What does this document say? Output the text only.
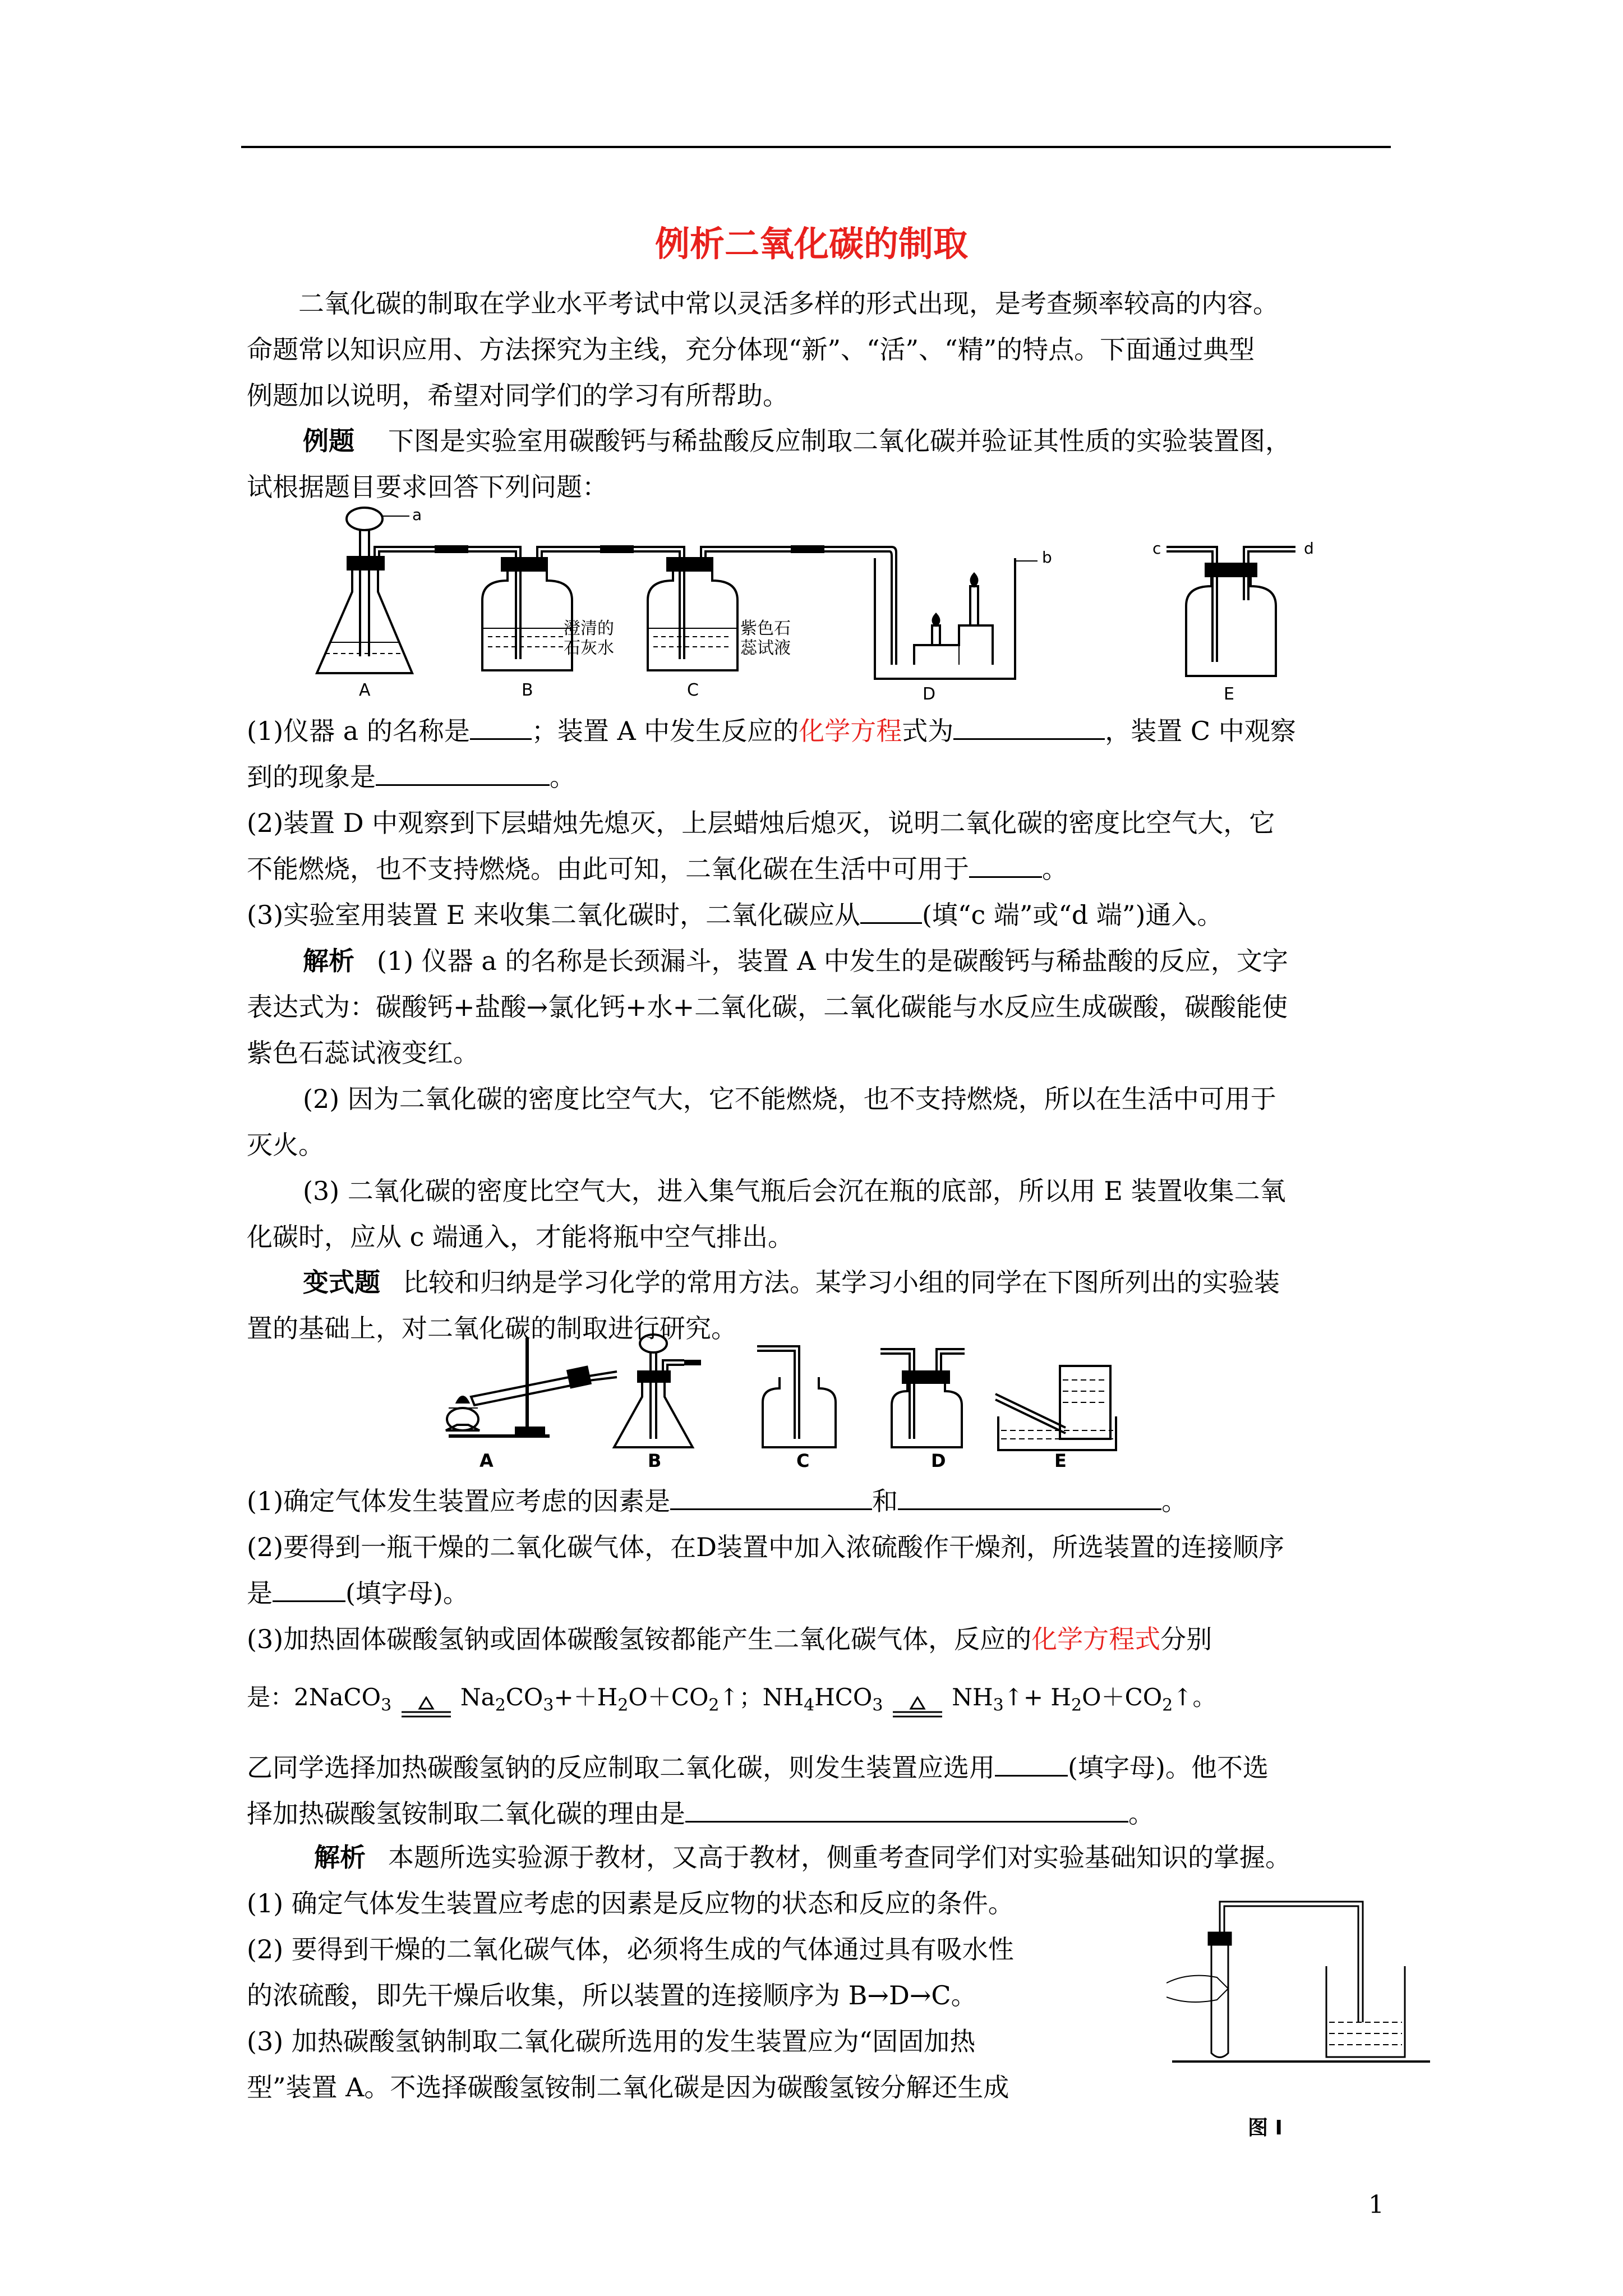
例析二氧化碳的制取
二氧化碳的制取在学业水平考试中常以灵活多样的形式出现，是考查频率较高的内容。
命题常以知识应用、方法探究为主线，充分体现“新”、“活”、“精”的特点。下面通过典型
例题加以说明，希望对同学们的学习有所帮助。
例题 下图是实验室用碳酸钙与稀盐酸反应制取二氧化碳并验证其性质的实验装置图，
试根据题目要求回答下列问题：
a
A
澄清的
石灰水
B
紫色石
蕊试液
C
b
D
c	d
E
(1)仪器 a 的名称是 ；装置 A 中发生反应的化学方程式为	，装置 C 中观察
到的现象是	。
(2)装置 D 中观察到下层蜡烛先熄灭，上层蜡烛后熄灭，说明二氧化碳的密度比空气大，它
不能燃烧，也不支持燃烧。由此可知，二氧化碳在生活中可用于	。
(3)实验室用装置 E 来收集二氧化碳时，二氧化碳应从 (填“c 端”或“d 端”)通入。
解析 (1) 仪器 a 的名称是长颈漏斗，装置 A 中发生的是碳酸钙与稀盐酸的反应，文字
表达式为：碳酸钙+盐酸→氯化钙+水+二氧化碳，二氧化碳能与水反应生成碳酸，碳酸能使
紫色石蕊试液变红。
(2) 因为二氧化碳的密度比空气大，它不能燃烧，也不支持燃烧，所以在生活中可用于
灭火。
(3) 二氧化碳的密度比空气大，进入集气瓶后会沉在瓶的底部，所以用 E 装置收集二氧
化碳时，应从 c 端通入，才能将瓶中空气排出。
变式题 比较和归纳是学习化学的常用方法。某学习小组的同学在下图所列出的实验装
置的基础上，对二氧化碳的制取进行研究。
A	B	C	D	E
(1)确定气体发生装置应考虑的因素是	和	。
(2)要得到一瓶干燥的二氧化碳气体，在D装置中加入浓硫酸作干燥剂，所选装置的连接顺序
是	(填字母)。
(3)加热固体碳酸氢钠或固体碳酸氢铵都能产生二氧化碳气体，反应的化学方程式分别
是：2NaCO$_3$	$Na_2CO_3++H_2O+CO_2↑$；$NH_4HCO_3$	$NH_3↑+$ $H_2O+CO_2↑$。
乙同学选择加热碳酸氢钠的反应制取二氧化碳，则发生装置应选用	(填字母)。他不选
择加热碳酸氢铵制取二氧化碳的理由是	。
解析 本题所选实验源于教材，又高于教材，侧重考查同学们对实验基础知识的掌握。
(1) 确定气体发生装置应考虑的因素是反应物的状态和反应的条件。
(2) 要得到干燥的二氧化碳气体，必须将生成的气体通过具有吸水性
的浓硫酸，即先干燥后收集，所以装置的连接顺序为 B→D→C。
(3) 加热碳酸氢钠制取二氧化碳所选用的发生装置应为“固固加热
型”装置 A。不选择碳酸氢铵制二氧化碳是因为碳酸氢铵分解还生成
图 I
1
